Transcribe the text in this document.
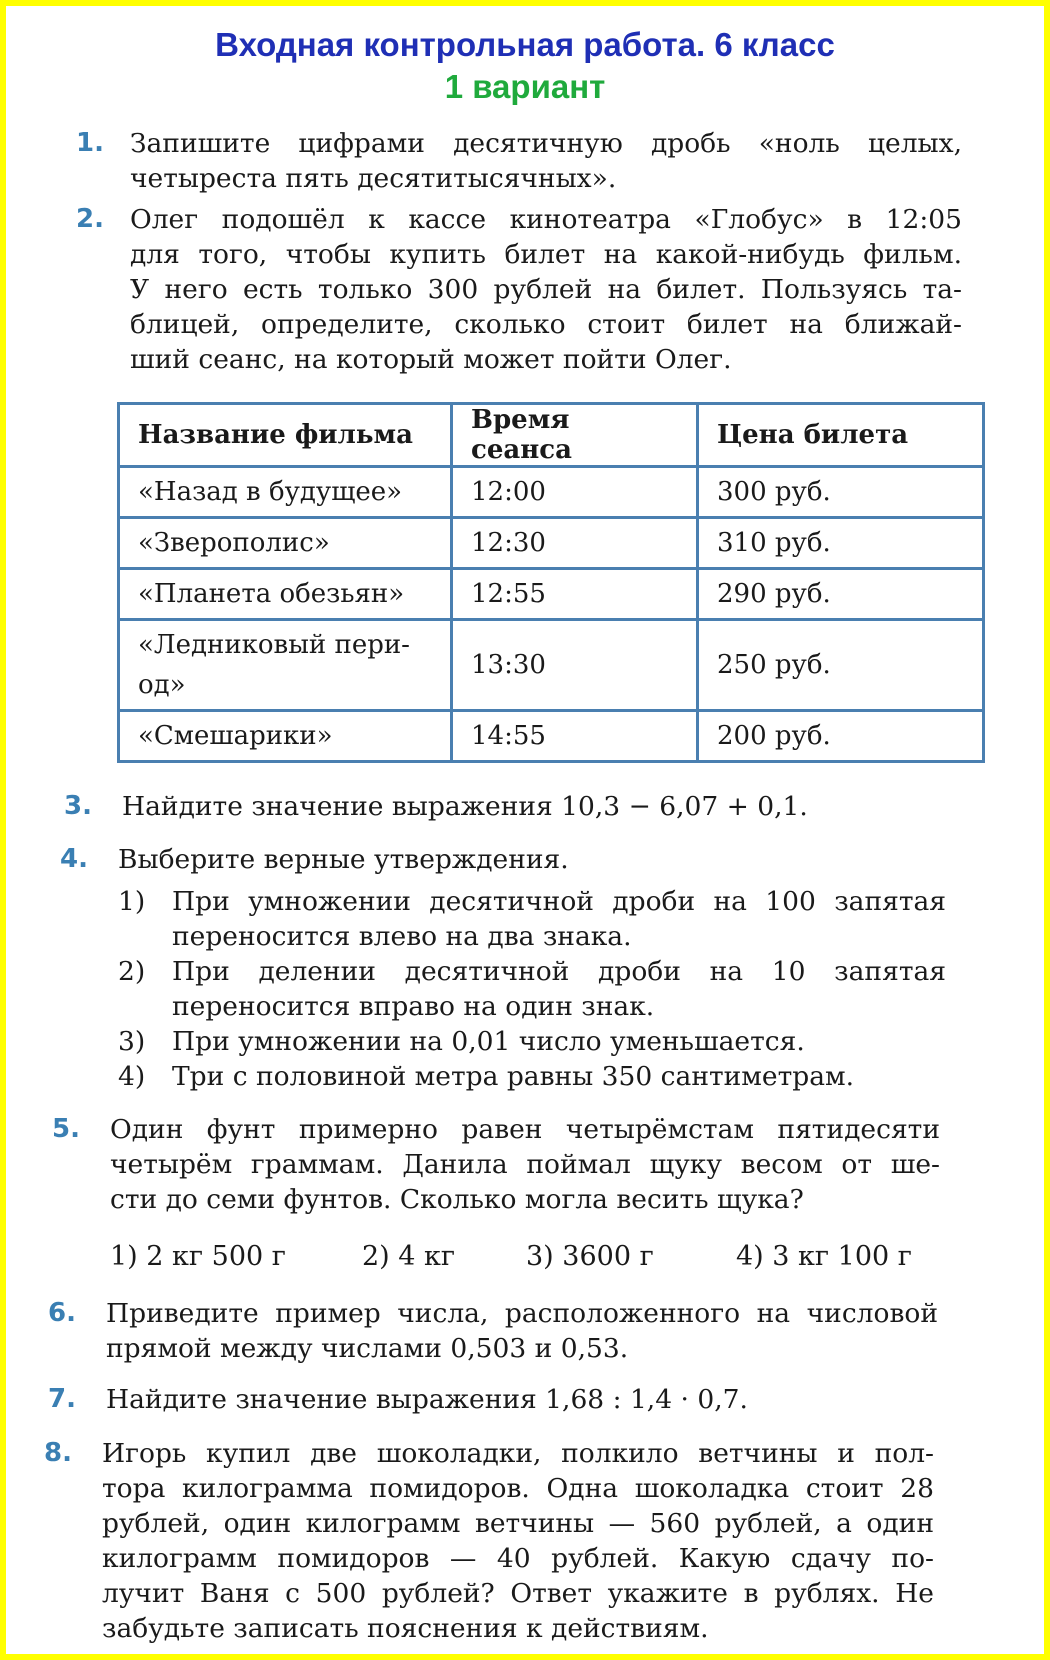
Входная контрольная работа. 6 класс
1 вариант
1. Запишите цифрами десятичную дробь «ноль целых,
четыреста пять десятитысячных».
2. Олег подошёл к кассе кинотеатра «Глобус» в 12:05
для того, чтобы купить билет на какой-нибудь фильм.
У него есть только 300 рублей на билет. Пользуясь та-
блицей, определите, сколько стоит билет на ближай-
ший сеанс, на который может пойти Олег.
Название фильма	Время сеанса	Цена билета
«Назад в будущее»	12:00	300 руб.
«Зверополис»	12:30	310 руб.
«Планета обезьян»	12:55	290 руб.
«Ледниковый пери-
од»	13:30	250 руб.
«Смешарики»	14:55	200 руб.
3. Найдите значение выражения 10,3 − 6,07 + 0,1.
4. Выберите верные утверждения.
1) При умножении десятичной дроби на 100 запятая
переносится влево на два знака.
2) При делении десятичной дроби на 10 запятая
переносится вправо на один знак.
3) При умножении на 0,01 число уменьшается.
4) Три с половиной метра равны 350 сантиметрам.
5. Один фунт примерно равен четырёмстам пятидесяти
четырём граммам. Данила поймал щуку весом от ше-
сти до семи фунтов. Сколько могла весить щука?
1) 2 кг 500 г	2) 4 кг	3) 3600 г	4) 3 кг 100 г
6. Приведите пример числа, расположенного на числовой
прямой между числами 0,503 и 0,53.
7. Найдите значение выражения 1,68 : 1,4 · 0,7.
8. Игорь купил две шоколадки, полкило ветчины и пол-
тора килограмма помидоров. Одна шоколадка стоит 28
рублей, один килограмм ветчины — 560 рублей, а один
килограмм помидоров — 40 рублей. Какую сдачу по-
лучит Ваня с 500 рублей? Ответ укажите в рублях. Не
забудьте записать пояснения к действиям.
